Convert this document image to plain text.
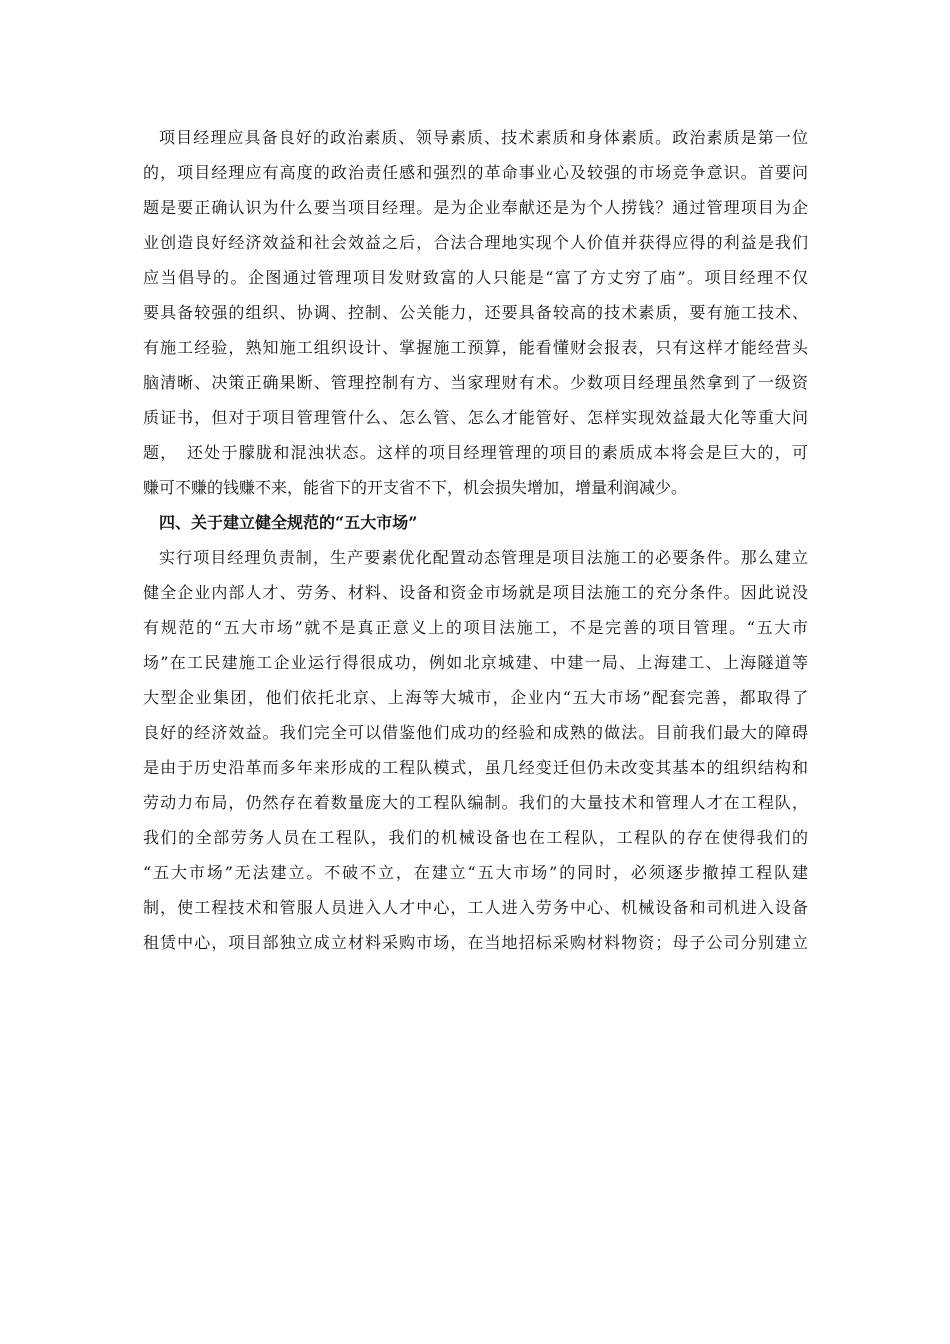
项目经理应具备良好的政治素质、领导素质、技术素质和身体素质。政治素质是第一位
的，项目经理应有高度的政治责任感和强烈的革命事业心及较强的市场竞争意识。首要问
题是要正确认识为什么要当项目经理。是为企业奉献还是为个人捞钱？通过管理项目为企
业创造良好经济效益和社会效益之后，合法合理地实现个人价值并获得应得的利益是我们
应当倡导的。企图通过管理项目发财致富的人只能是“富了方丈穷了庙”。项目经理不仅
要具备较强的组织、协调、控制、公关能力，还要具备较高的技术素质，要有施工技术、
有施工经验，熟知施工组织设计、掌握施工预算，能看懂财会报表，只有这样才能经营头
脑清晰、决策正确果断、管理控制有方、当家理财有术。少数项目经理虽然拿到了一级资
质证书，但对于项目管理管什么、怎么管、怎么才能管好、怎样实现效益最大化等重大问
题，　还处于朦胧和混浊状态。这样的项目经理管理的项目的素质成本将会是巨大的，可
赚可不赚的钱赚不来，能省下的开支省不下，机会损失增加，增量利润减少。
四、关于建立健全规范的“五大市场”
实行项目经理负责制，生产要素优化配置动态管理是项目法施工的必要条件。那么建立
健全企业内部人才、劳务、材料、设备和资金市场就是项目法施工的充分条件。因此说没
有规范的“五大市场”就不是真正意义上的项目法施工，不是完善的项目管理。“五大市
场”在工民建施工企业运行得很成功，例如北京城建、中建一局、上海建工、上海隧道等
大型企业集团，他们依托北京、上海等大城市，企业内“五大市场”配套完善，都取得了
良好的经济效益。我们完全可以借鉴他们成功的经验和成熟的做法。目前我们最大的障碍
是由于历史沿革而多年来形成的工程队模式，虽几经变迁但仍未改变其基本的组织结构和
劳动力布局，仍然存在着数量庞大的工程队编制。我们的大量技术和管理人才在工程队，
我们的全部劳务人员在工程队，我们的机械设备也在工程队，工程队的存在使得我们的
“五大市场”无法建立。不破不立，在建立“五大市场”的同时，必须逐步撤掉工程队建
制，使工程技术和管服人员进入人才中心，工人进入劳务中心、机械设备和司机进入设备
租赁中心，项目部独立成立材料采购市场，在当地招标采购材料物资；母子公司分别建立
